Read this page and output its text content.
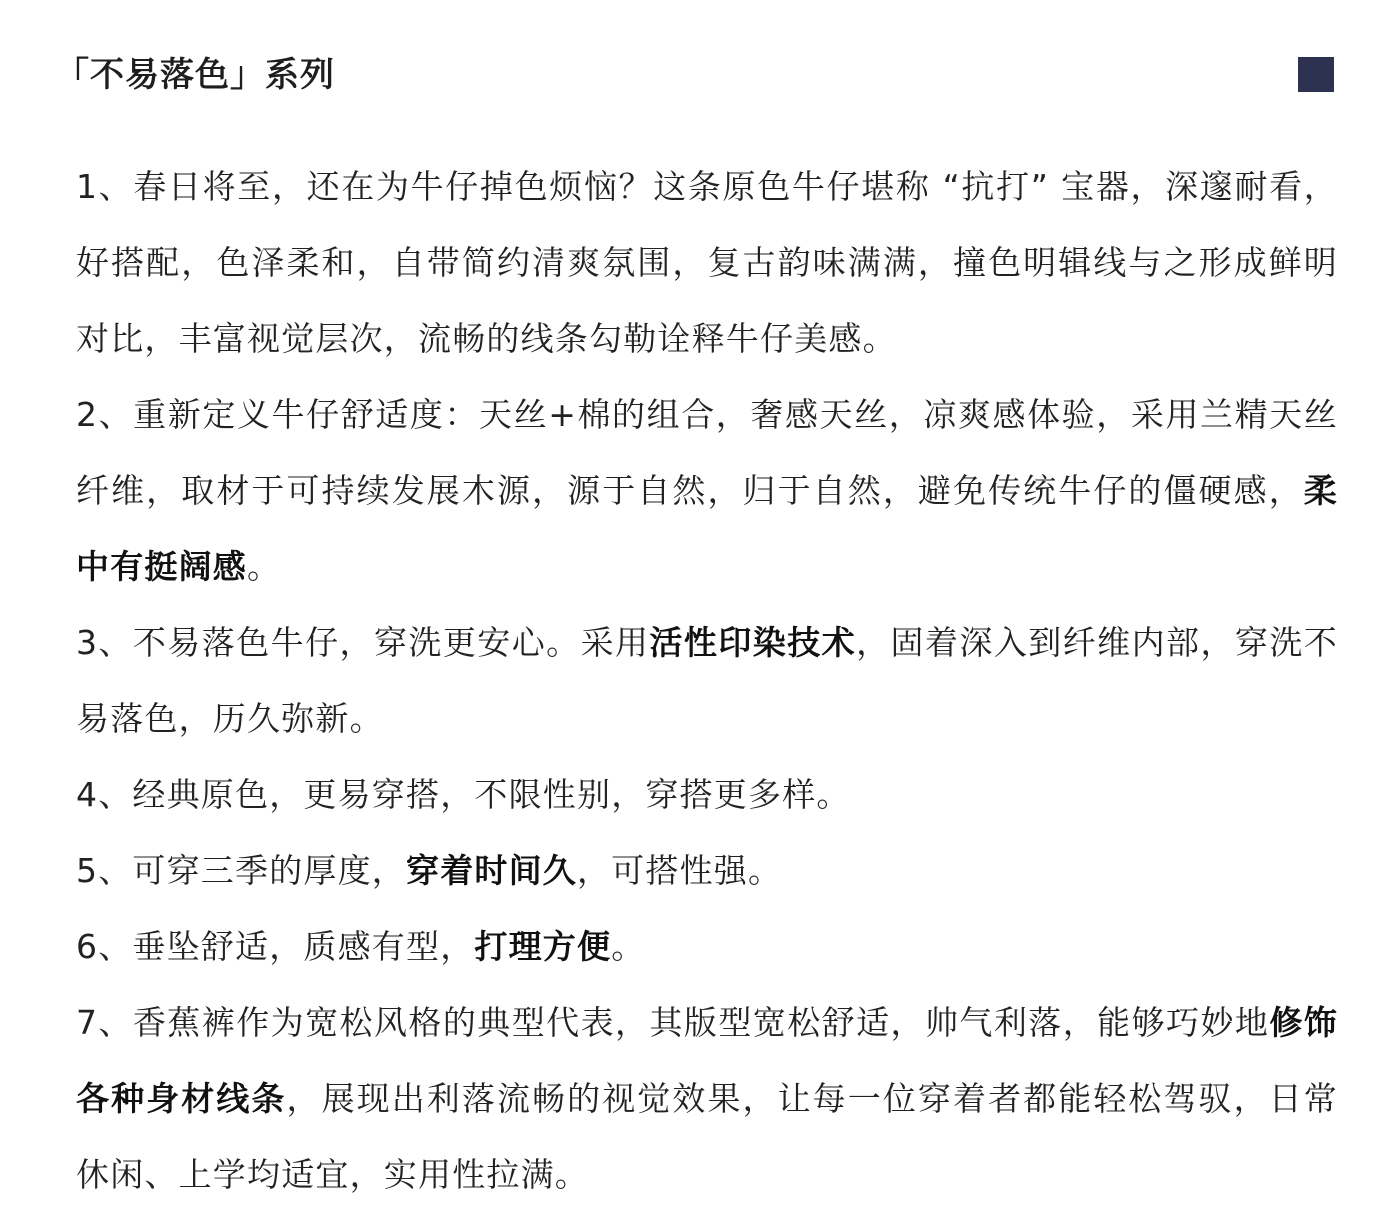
「不易落色」系列
1、春日将至，还在为牛仔掉色烦恼？这条原色牛仔堪称 “抗打” 宝器，深邃耐看，好搭配，色泽柔和，自带简约清爽氛围，复古韵味满满，撞色明辑线与之形成鲜明对比，丰富视觉层次，流畅的线条勾勒诠释牛仔美感。
2、重新定义牛仔舒适度：天丝+棉的组合，奢感天丝，凉爽感体验，采用兰精天丝纤维，取材于可持续发展木源，源于自然，归于自然，避免传统牛仔的僵硬感，柔中有挺阔感。
3、不易落色牛仔，穿洗更安心。采用活性印染技术，固着深入到纤维内部，穿洗不易落色，历久弥新。
4、经典原色，更易穿搭，不限性别，穿搭更多样。
5、可穿三季的厚度，穿着时间久，可搭性强。
6、垂坠舒适，质感有型，打理方便。
7、香蕉裤作为宽松风格的典型代表，其版型宽松舒适，帅气利落，能够巧妙地修饰各种身材线条，展现出利落流畅的视觉效果，让每一位穿着者都能轻松驾驭，日常休闲、上学均适宜，实用性拉满。
